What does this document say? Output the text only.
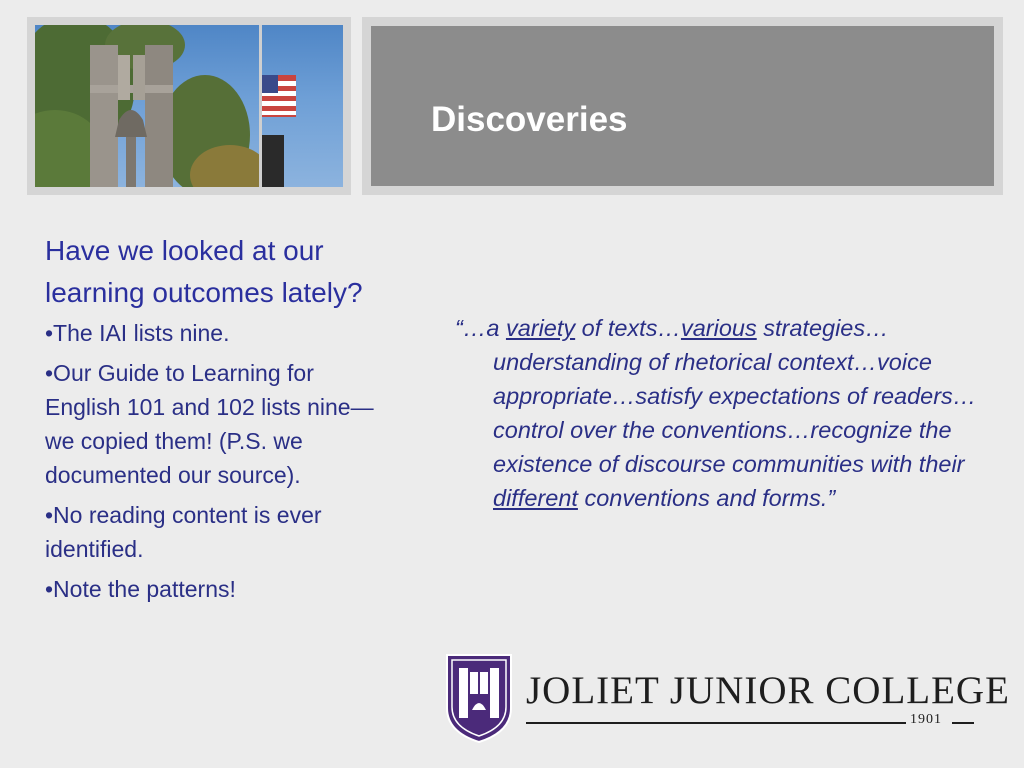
Discoveries
Have we looked at our learning outcomes lately?
•The IAI lists nine.
•Our Guide to Learning for English 101 and 102 lists nine—we copied them! (P.S. we documented our source).
•No reading content is ever identified.
•Note the patterns!

“…a variety of texts…various strategies…understanding of rhetorical context…voice appropriate…satisfy expectations of readers…control over the conventions…recognize the existence of discourse communities with their different conventions and forms.”

JOLIET JUNIOR COLLEGE
1901
